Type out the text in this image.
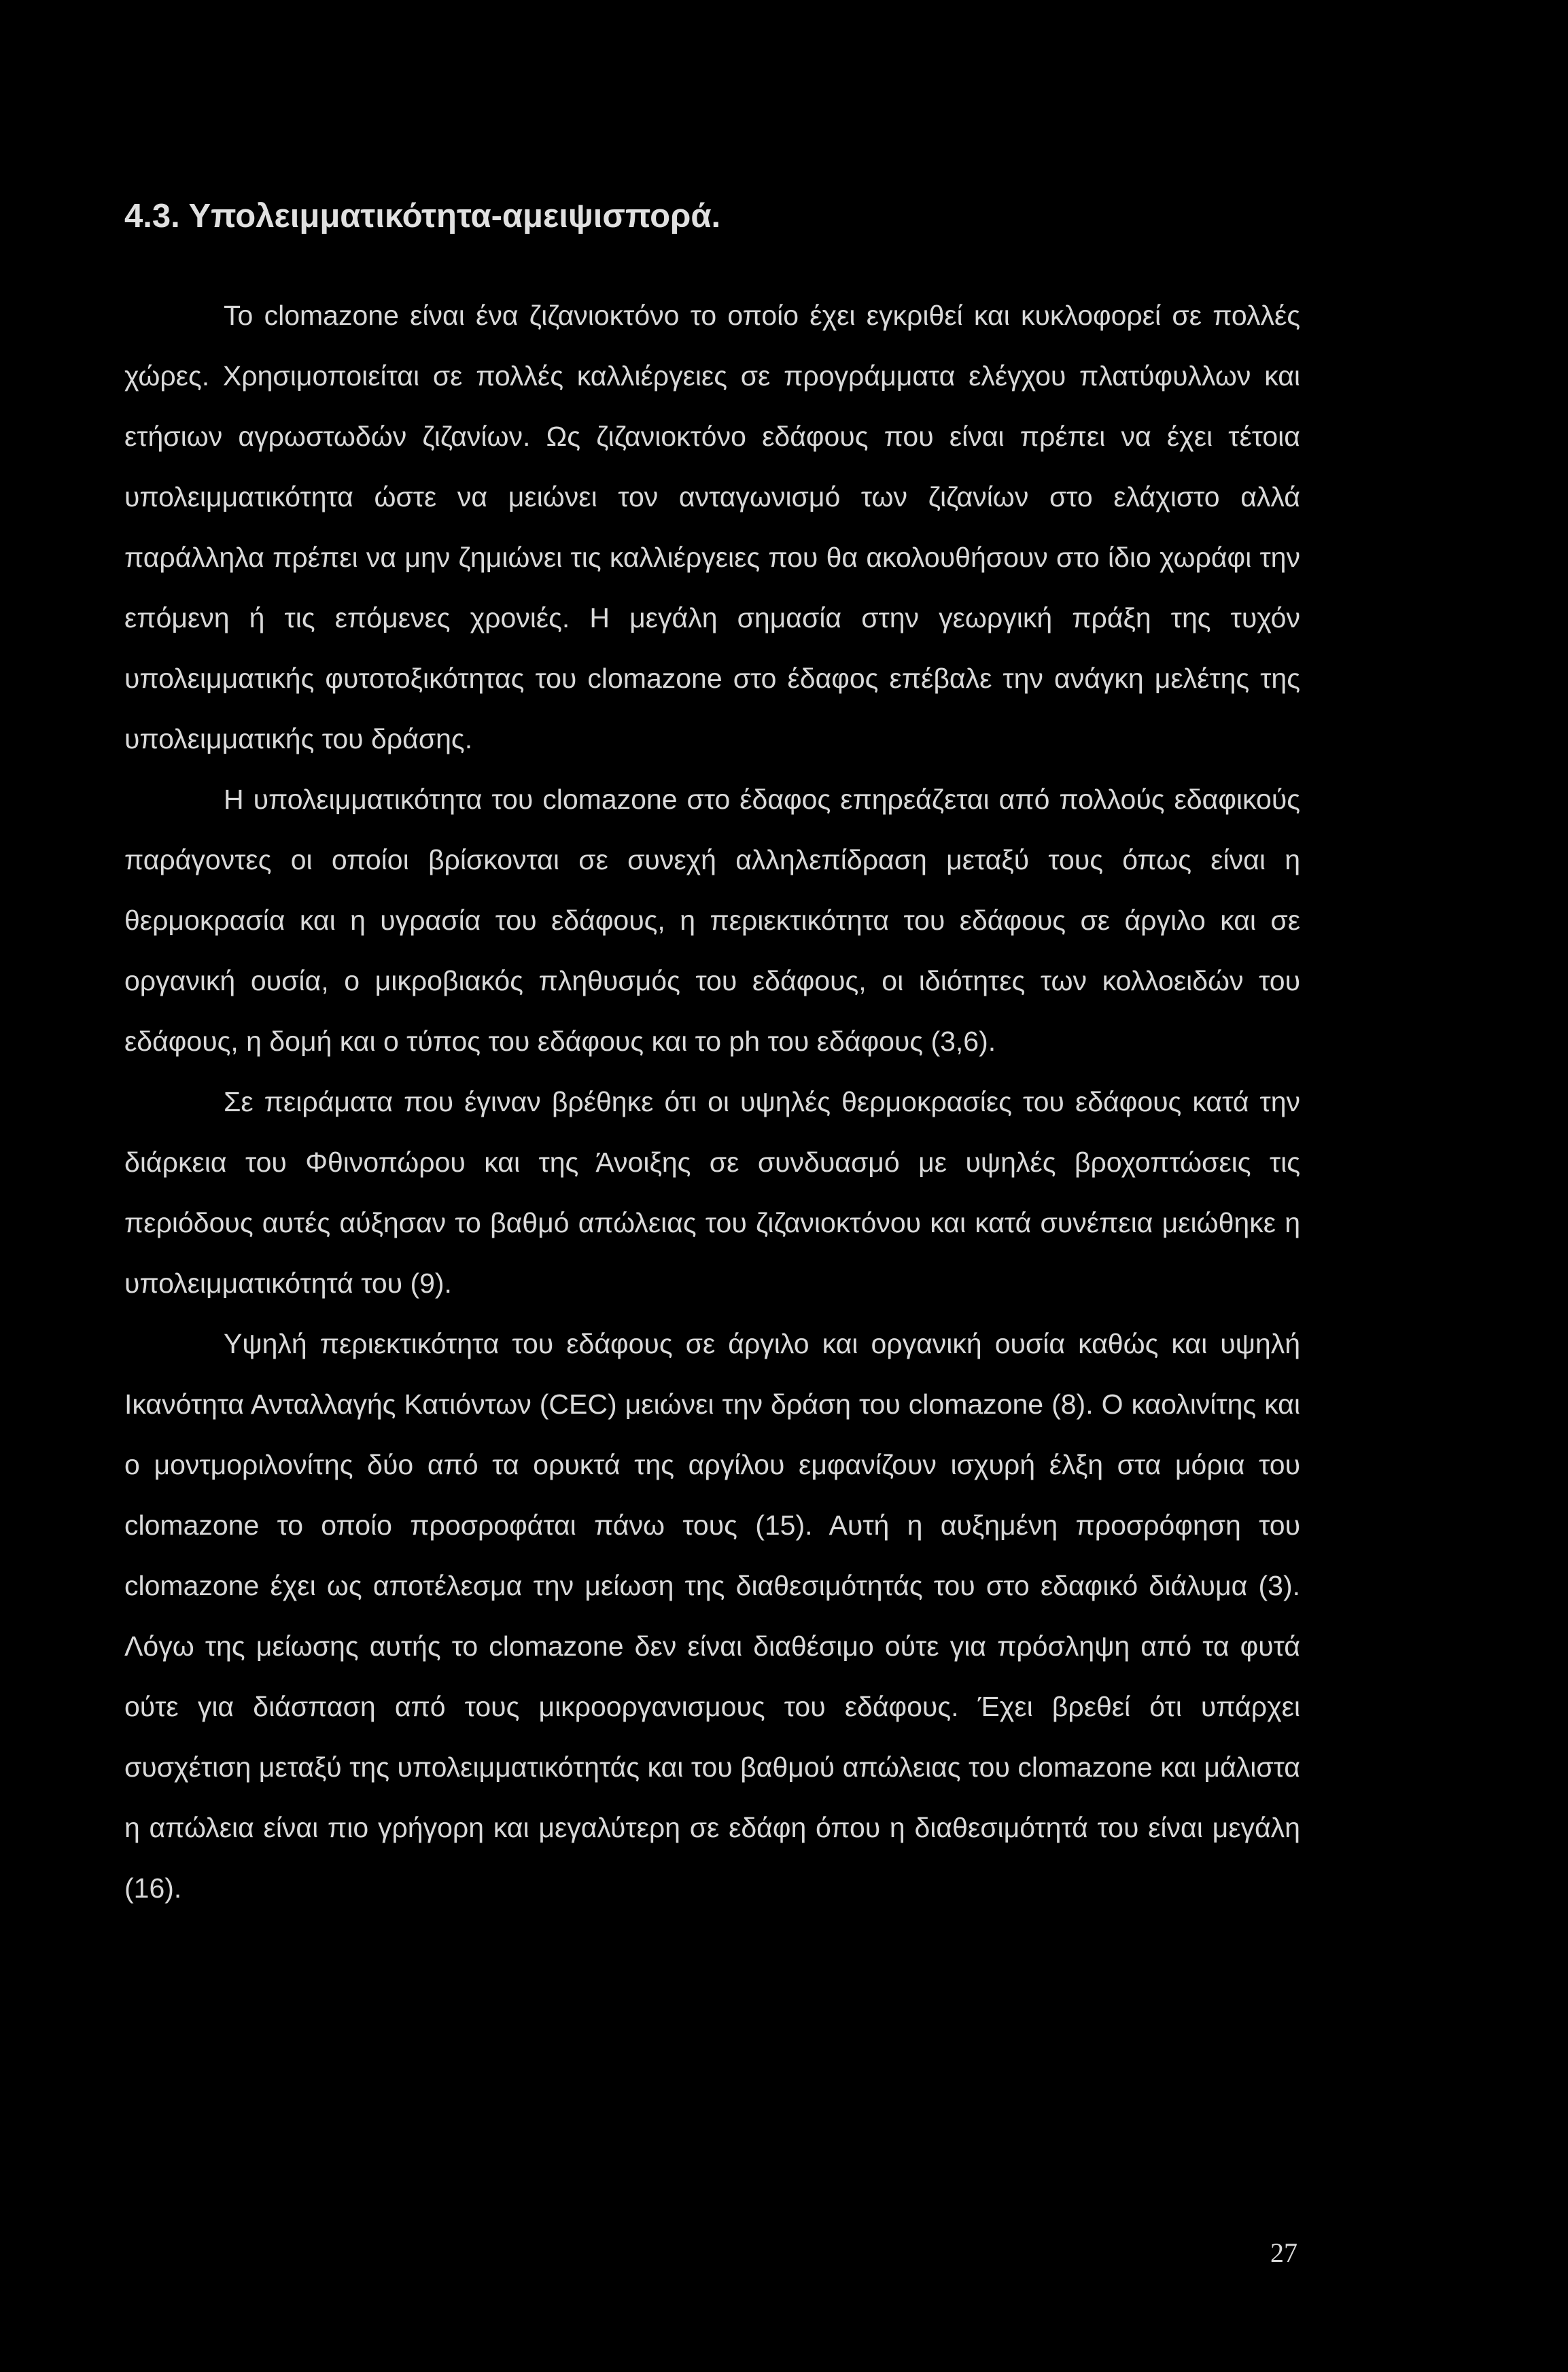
4.3. Υπολειμματικότητα-αμειψισπορά.

Το clomazone είναι ένα ζιζανιοκτόνο το οποίο έχει εγκριθεί και κυκλοφορεί σε πολλές χώρες. Χρησιμοποιείται σε πολλές καλλιέργειες σε προγράμματα ελέγχου πλατύφυλλων και ετήσιων αγρωστωδών ζιζανίων. Ως ζιζανιοκτόνο εδάφους που είναι πρέπει να έχει τέτοια υπολειμματικότητα ώστε να μειώνει τον ανταγωνισμό των ζιζανίων στο ελάχιστο αλλά παράλληλα πρέπει να μην ζημιώνει τις καλλιέργειες που θα ακολουθήσουν στο ίδιο χωράφι την επόμενη ή τις επόμενες χρονιές. Η μεγάλη σημασία στην γεωργική πράξη της τυχόν υπολειμματικής φυτοτοξικότητας του clomazone στο έδαφος επέβαλε την ανάγκη μελέτης της υπολειμματικής του δράσης.

Η υπολειμματικότητα του clomazone στο έδαφος επηρεάζεται από πολλούς εδαφικούς παράγοντες οι οποίοι βρίσκονται σε συνεχή αλληλεπίδραση μεταξύ τους όπως είναι η θερμοκρασία και η υγρασία του εδάφους, η περιεκτικότητα του εδάφους σε άργιλο και σε οργανική ουσία, ο μικροβιακός πληθυσμός του εδάφους, οι ιδιότητες των κολλοειδών του εδάφους, η δομή και ο τύπος του εδάφους και το ph του εδάφους (3,6).

Σε πειράματα που έγιναν βρέθηκε ότι οι υψηλές θερμοκρασίες του εδάφους κατά την διάρκεια του Φθινοπώρου και της Άνοιξης σε συνδυασμό με υψηλές βροχοπτώσεις τις περιόδους αυτές αύξησαν το βαθμό απώλειας του ζιζανιοκτόνου και κατά συνέπεια μειώθηκε η υπολειμματικότητά του (9).

Υψηλή περιεκτικότητα του εδάφους σε άργιλο και οργανική ουσία καθώς και υψηλή Ικανότητα Ανταλλαγής Κατιόντων (CEC) μειώνει την δράση του clomazone (8). Ο καολινίτης και ο μοντμοριλονίτης δύο από τα ορυκτά της αργίλου εμφανίζουν ισχυρή έλξη στα μόρια του clomazone το οποίο προσροφάται πάνω τους (15). Αυτή η αυξημένη προσρόφηση του clomazone έχει ως αποτέλεσμα την μείωση της διαθεσιμότητάς του στο εδαφικό διάλυμα (3). Λόγω της μείωσης αυτής το clomazone δεν είναι διαθέσιμο ούτε για πρόσληψη από τα φυτά ούτε για διάσπαση από τους μικροοργανισμους του εδάφους. Έχει βρεθεί ότι υπάρχει συσχέτιση μεταξύ της υπολειμματικότητάς και του βαθμού απώλειας του clomazone και μάλιστα η απώλεια είναι πιο γρήγορη και μεγαλύτερη σε εδάφη όπου η διαθεσιμότητά του είναι μεγάλη (16).

27
